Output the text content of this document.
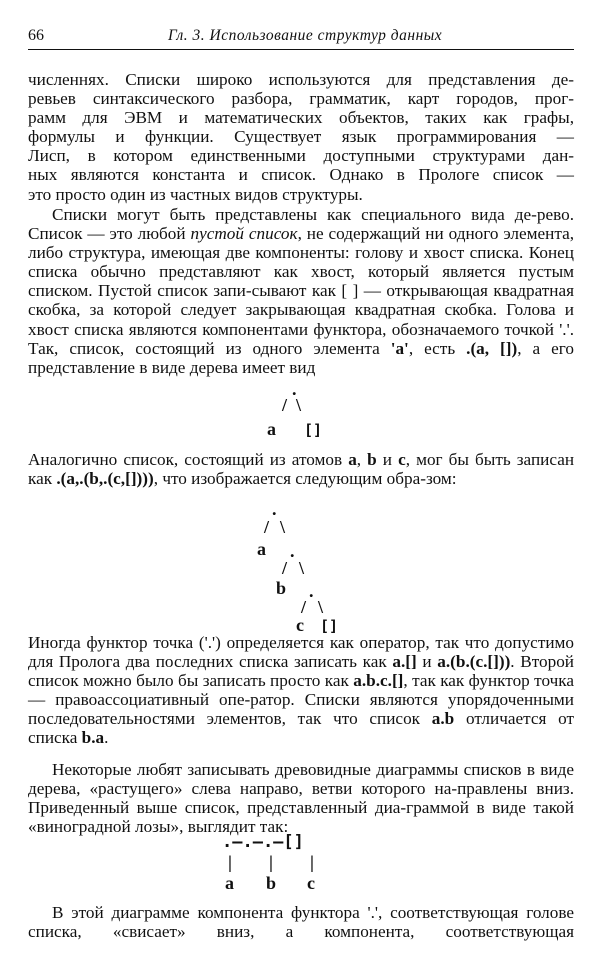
66	Гл. 3. Использование структур данных
численнях. Списки широко используются для представления де-
ревьев синтаксического разбора, грамматик, карт городов, прог-
рамм для ЭВМ и математических объектов, таких как графы,
формулы и функции. Существует язык программирования —
Лисп, в котором единственными доступными структурами дан-
ных являются константа и список. Однако в Прологе список —
это просто один из частных видов структуры.

Списки могут быть представлены как специального вида де-рево. Список — это любой пустой список, не содержащий ни одного элемента, либо структура, имеющая две компоненты: голову и хвост списка. Конец списка обычно представляют как хвост, который является пустым списком. Пустой список запи-сывают как [ ] — открывающая квадратная скобка, за которой следует закрывающая квадратная скобка. Голова и хвост списка являются компонентами функтора, обозначаемого точкой '.'. Так, список, состоящий из одного элемента 'а', есть .(а, []), а его представление в виде дерева имеет вид

.
/ \
a []

Аналогично список, состоящий из атомов a, b и c, мог бы быть записан как .(a,.(b,.(c,[]))), что изображается следующим обра-зом:

.
/ \
a .
/ \
b .
/ \
c []

Иногда функтор точка ('.') определяется как оператор, так что допустимо для Пролога два последних списка записать как a.[] и a.(b.(c.[])). Второй список можно было бы записать просто как a.b.c.[], так как функтор точка — правоассоциативный опе-ратор. Списки являются упорядоченными последовательностями элементов, так что список a.b отличается от списка b.a.

Некоторые любят записывать древовидные диаграммы списков в виде дерева, «растущего» слева направо, ветви которого на-правлены вниз. Приведенный выше список, представленный диа-граммой в виде такой «виноградной лозы», выглядит так:

.—.—.—[]
| | |
a b c

В этой диаграмме компонента функтора '.', соответствующая голове списка, «свисает» вниз, а компонента, соответствующая
